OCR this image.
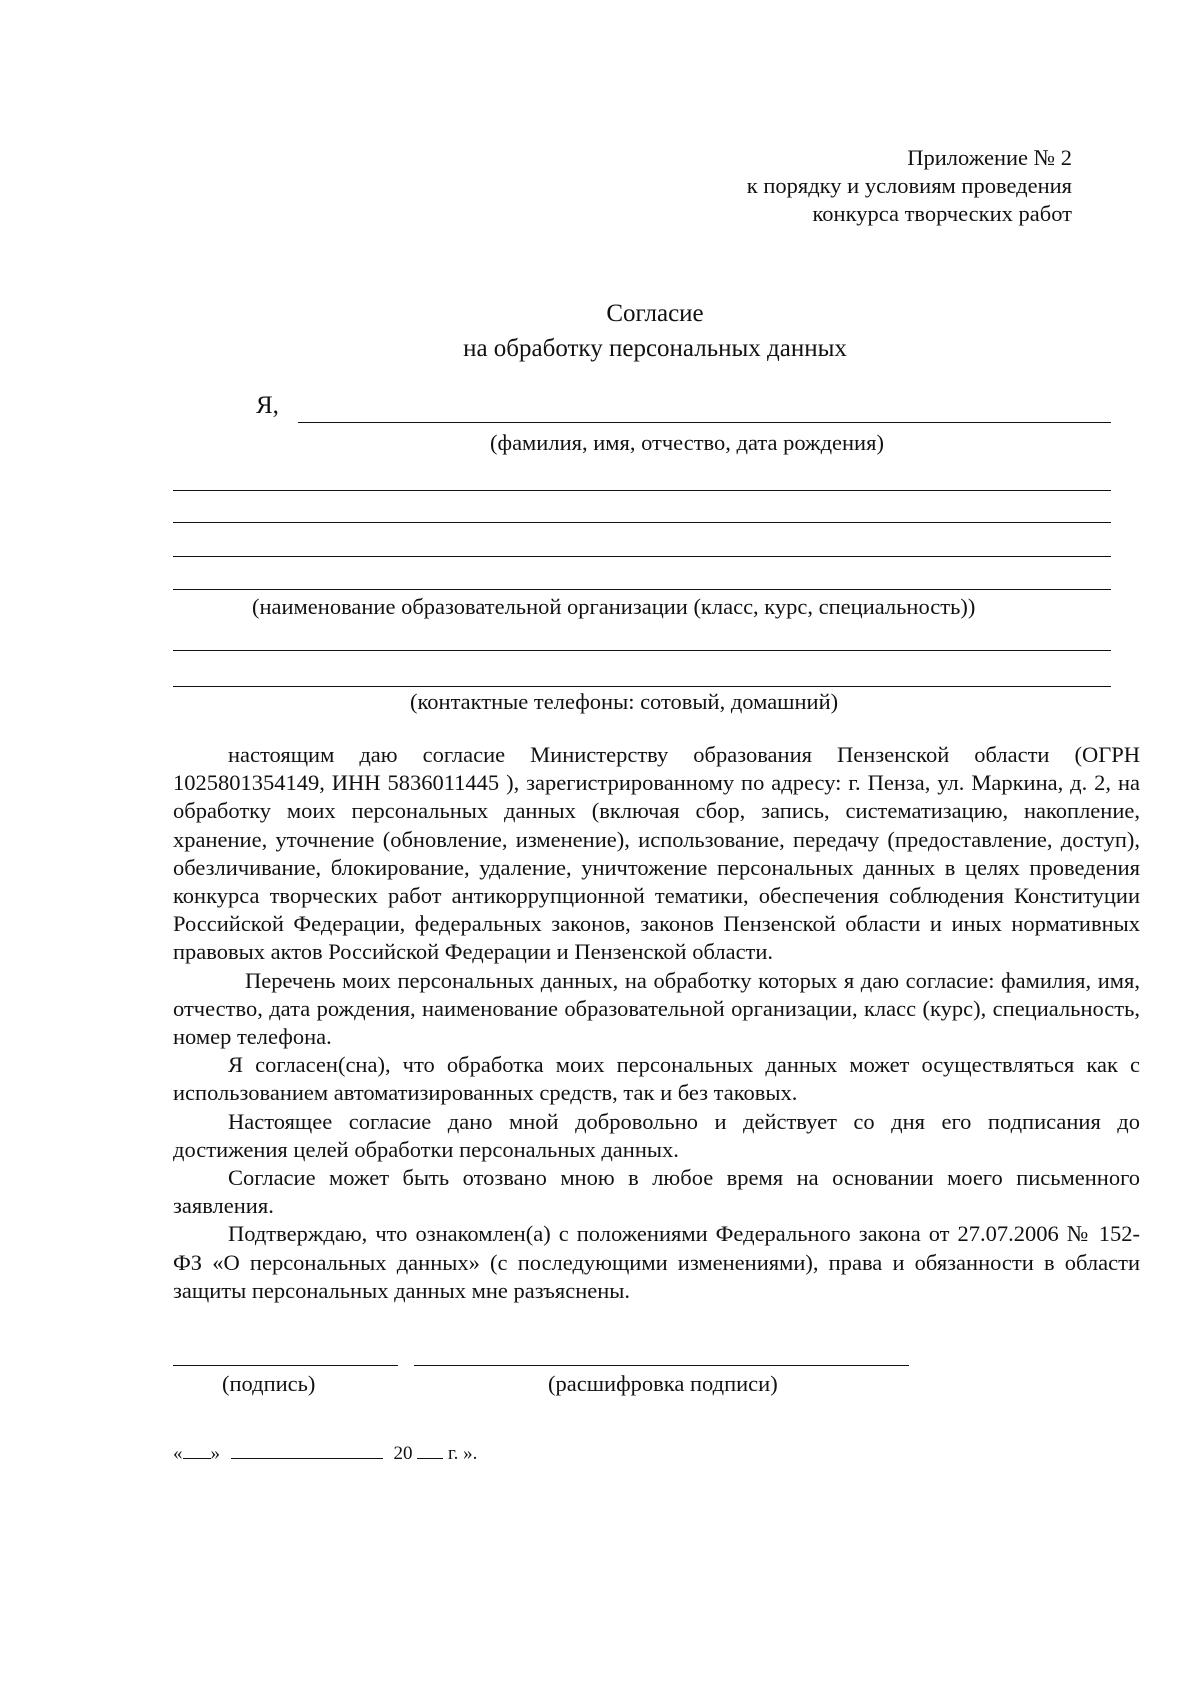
Приложение № 2
к порядку и условиям проведения
конкурса творческих работ
Согласие
на обработку персональных данных
Я,
(фамилия, имя, отчество, дата рождения)
(наименование образовательной организации (класс, курс, специальность))
(контактные телефоны: сотовый, домашний)

настоящим даю согласие Министерству образования Пензенской области (ОГРН 1025801354149, ИНН 5836011445 ), зарегистрированному по адресу: г. Пенза, ул. Маркина, д. 2, на обработку моих персональных данных (включая сбор, запись, систематизацию, накопление, хранение, уточнение (обновление, изменение), использование, передачу (предоставление, доступ), обезличивание, блокирование, удаление, уничтожение персональных данных в целях проведения конкурса творческих работ антикоррупционной тематики, обеспечения соблюдения Конституции Российской Федерации, федеральных законов, законов Пензенской области и иных нормативных правовых актов Российской Федерации и Пензенской области.

Перечень моих персональных данных, на обработку которых я даю согласие: фамилия, имя, отчество, дата рождения, наименование образовательной организации, класс (курс), специальность, номер телефона.

Я согласен(сна), что обработка моих персональных данных может осуществляться как с использованием автоматизированных средств, так и без таковых.

Настоящее согласие дано мной добровольно и действует со дня его подписания до достижения целей обработки персональных данных.

Согласие может быть отозвано мною в любое время на основании моего письменного заявления.

Подтверждаю, что ознакомлен(а) с положениями Федерального закона от 27.07.2006 № 152-ФЗ «О персональных данных» (с последующими изменениями), права и обязанности в области защиты персональных данных мне разъяснены.

(подпись)	(расшифровка подписи)
« »	20 г. ».
